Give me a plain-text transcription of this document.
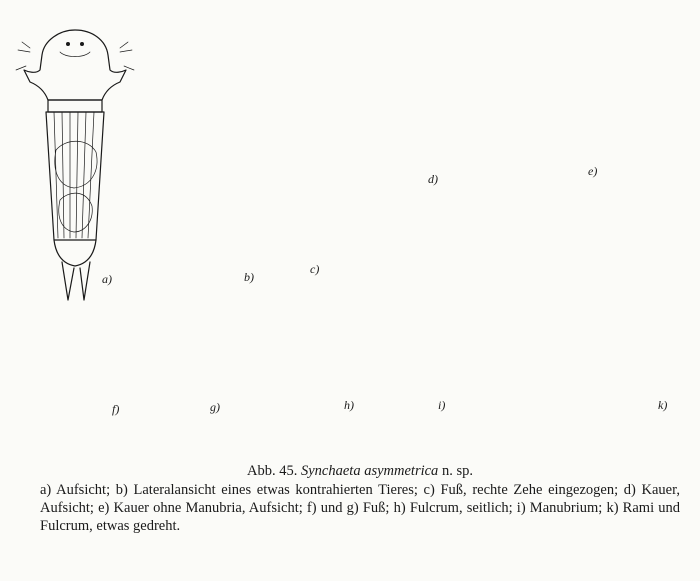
a)	b)
c)
d)
e)
f)	g)	h)	i)	k)
Abb. 45. Synchaeta asymmetrica n. sp.
a) Aufsicht; b) Lateralansicht eines etwas kontrahierten Tieres; c) Fuß, rechte Zehe eingezogen; d) Kauer, Aufsicht; e) Kauer ohne Manubria, Aufsicht; f) und g) Fuß; h) Fulcrum, seitlich; i) Manubrium; k) Rami und Fulcrum, etwas gedreht.
